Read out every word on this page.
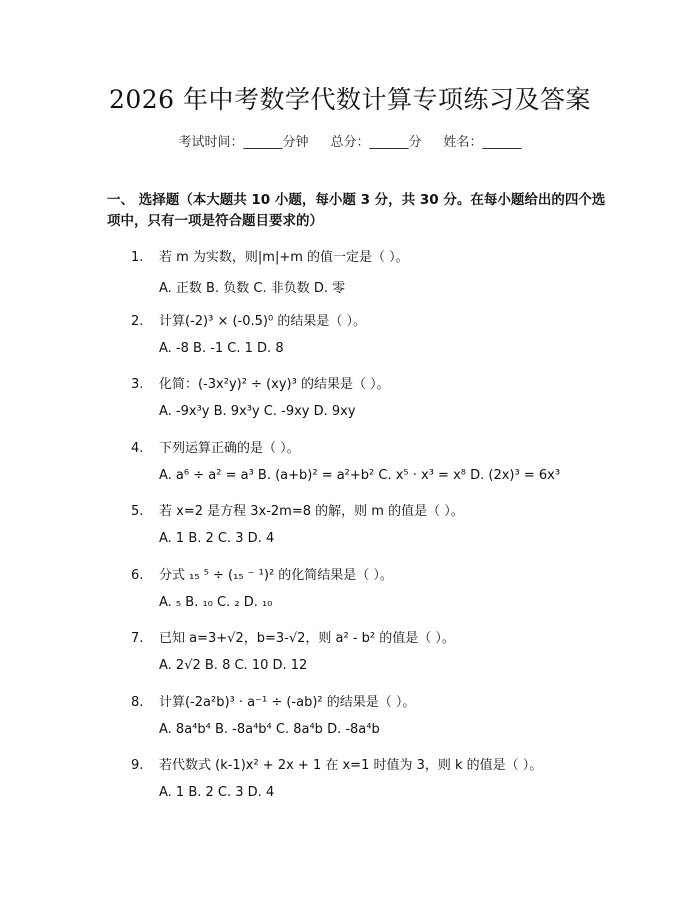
2026 年中考数学代数计算专项练习及答案
考试时间：______分钟 总分：______分 姓名：______
一、 选择题（本大题共 10 小题，每小题 3 分，共 30 分。在每小题给出的四个选项中，只有一项是符合题目要求的）
1. 若 m 为实数，则|m|+m 的值一定是（ ）。
A. 正数 B. 负数 C. 非负数 D. 零
2. 计算(-2)³ × (-0.5)⁰ 的结果是（ ）。
A. -8 B. -1 C. 1 D. 8
3. 化简：(-3x²y)² ÷ (xy)³ 的结果是（ ）。
A. -9x³y B. 9x³y C. -9xy D. 9xy
4. 下列运算正确的是（ ）。
A. a⁶ ÷ a² = a³ B. (a+b)² = a²+b² C. x⁵ · x³ = x⁸ D. (2x)³ = 6x³
5. 若 x=2 是方程 3x-2m=8 的解，则 m 的值是（ ）。
A. 1 B. 2 C. 3 D. 4
6. 分式 ₁₅ ⁵ ÷ (₁₅ ⁻ ¹)² 的化简结果是（ ）。
A. ₅ B. ₁₀ C. ₂ D. ₁₀
7. 已知 a=3+√2，b=3-√2，则 a² - b² 的值是（ ）。
A. 2√2 B. 8 C. 10 D. 12
8. 计算(-2a²b)³ · a⁻¹ ÷ (-ab)² 的结果是（ ）。
A. 8a⁴b⁴ B. -8a⁴b⁴ C. 8a⁴b D. -8a⁴b
9. 若代数式 (k-1)x² + 2x + 1 在 x=1 时值为 3，则 k 的值是（ ）。
A. 1 B. 2 C. 3 D. 4
